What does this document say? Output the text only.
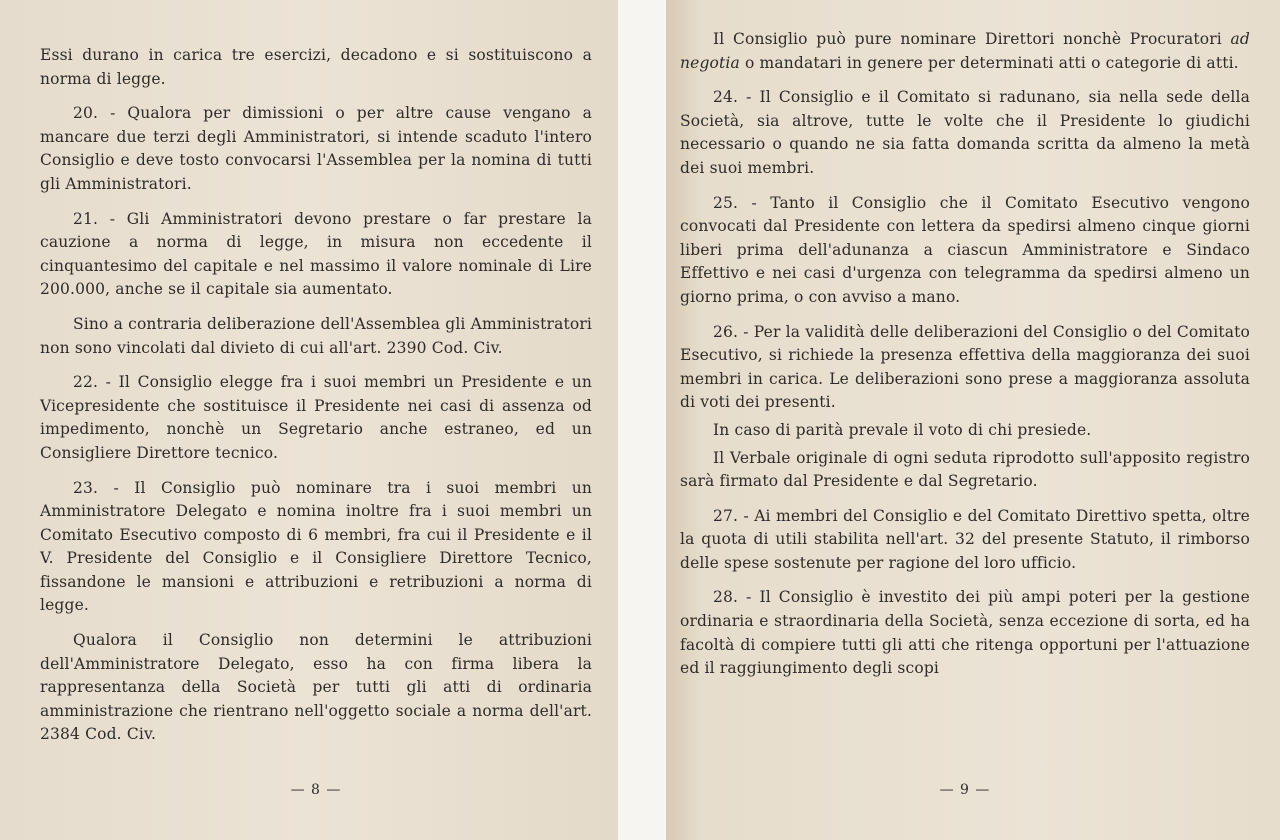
Essi durano in carica tre esercizi, decadono e si sostituiscono a norma di legge.

20. - Qualora per dimissioni o per altre cause vengano a mancare due terzi degli Amministratori, si intende scaduto l'intero Consiglio e deve tosto convocarsi l'Assemblea per la nomina di tutti gli Amministratori.

21. - Gli Amministratori devono prestare o far prestare la cauzione a norma di legge, in misura non eccedente il cinquantesimo del capitale e nel massimo il valore nominale di Lire 200.000, anche se il capitale sia aumentato.

Sino a contraria deliberazione dell'Assemblea gli Amministratori non sono vincolati dal divieto di cui all'art. 2390 Cod. Civ.

22. - Il Consiglio elegge fra i suoi membri un Presidente e un Vicepresidente che sostituisce il Presidente nei casi di assenza od impedimento, nonchè un Segretario anche estraneo, ed un Consigliere Direttore tecnico.

23. - Il Consiglio può nominare tra i suoi membri un Amministratore Delegato e nomina inoltre fra i suoi membri un Comitato Esecutivo composto di 6 membri, fra cui il Presidente e il V. Presidente del Consiglio e il Consigliere Direttore Tecnico, fissandone le mansioni e attribuzioni e retribuzioni a norma di legge.

Qualora il Consiglio non determini le attribuzioni dell'Amministratore Delegato, esso ha con firma libera la rappresentanza della Società per tutti gli atti di ordinaria amministrazione che rientrano nell'oggetto sociale a norma dell'art. 2384 Cod. Civ.

— 8 —

Il Consiglio può pure nominare Direttori nonchè Procuratori ad negotia o mandatari in genere per determinati atti o categorie di atti.

24. - Il Consiglio e il Comitato si radunano, sia nella sede della Società, sia altrove, tutte le volte che il Presidente lo giudichi necessario o quando ne sia fatta domanda scritta da almeno la metà dei suoi membri.

25. - Tanto il Consiglio che il Comitato Esecutivo vengono convocati dal Presidente con lettera da spedirsi almeno cinque giorni liberi prima dell'adunanza a ciascun Amministratore e Sindaco Effettivo e nei casi d'urgenza con telegramma da spedirsi almeno un giorno prima, o con avviso a mano.

26. - Per la validità delle deliberazioni del Consiglio o del Comitato Esecutivo, si richiede la presenza effettiva della maggioranza dei suoi membri in carica. Le deliberazioni sono prese a maggioranza assoluta di voti dei presenti.

In caso di parità prevale il voto di chi presiede.

Il Verbale originale di ogni seduta riprodotto sull'apposito registro sarà firmato dal Presidente e dal Segretario.

27. - Ai membri del Consiglio e del Comitato Direttivo spetta, oltre la quota di utili stabilita nell'art. 32 del presente Statuto, il rimborso delle spese sostenute per ragione del loro ufficio.

28. - Il Consiglio è investito dei più ampi poteri per la gestione ordinaria e straordinaria della Società, senza eccezione di sorta, ed ha facoltà di compiere tutti gli atti che ritenga opportuni per l'attuazione ed il raggiungimento degli scopi

— 9 —
